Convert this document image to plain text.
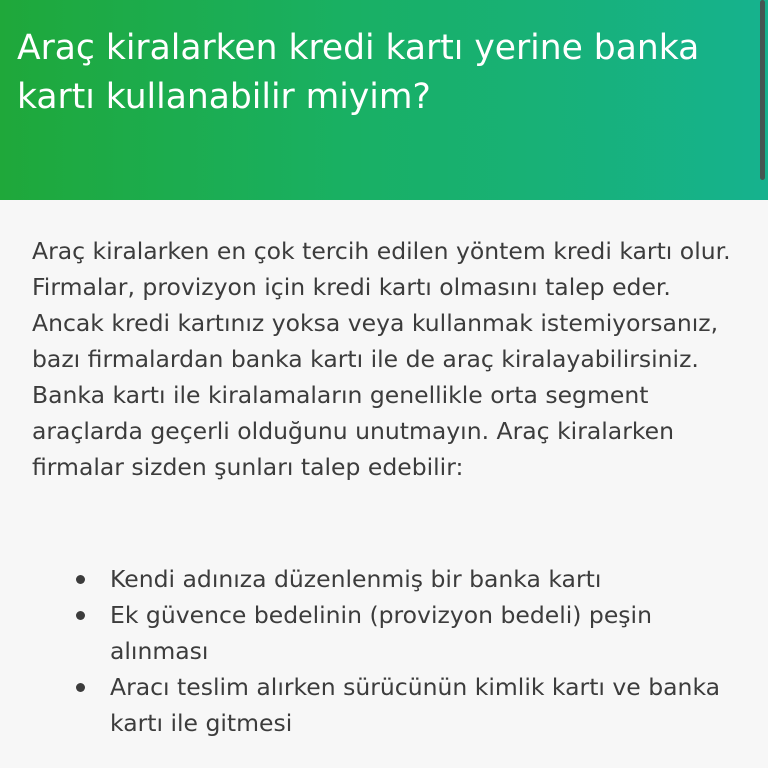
Araç kiralarken kredi kartı yerine banka kartı kullanabilir miyim?

Araç kiralarken en çok tercih edilen yöntem kredi kartı olur. Firmalar, provizyon için kredi kartı olmasını talep eder. Ancak kredi kartınız yoksa veya kullanmak istemiyorsanız, bazı firmalardan banka kartı ile de araç kiralayabilirsiniz. Banka kartı ile kiralamaların genellikle orta segment araçlarda geçerli olduğunu unutmayın. Araç kiralarken firmalar sizden şunları talep edebilir:

Kendi adınıza düzenlenmiş bir banka kartı
Ek güvence bedelinin (provizyon bedeli) peşin alınması
Aracı teslim alırken sürücünün kimlik kartı ve banka kartı ile gitmesi
